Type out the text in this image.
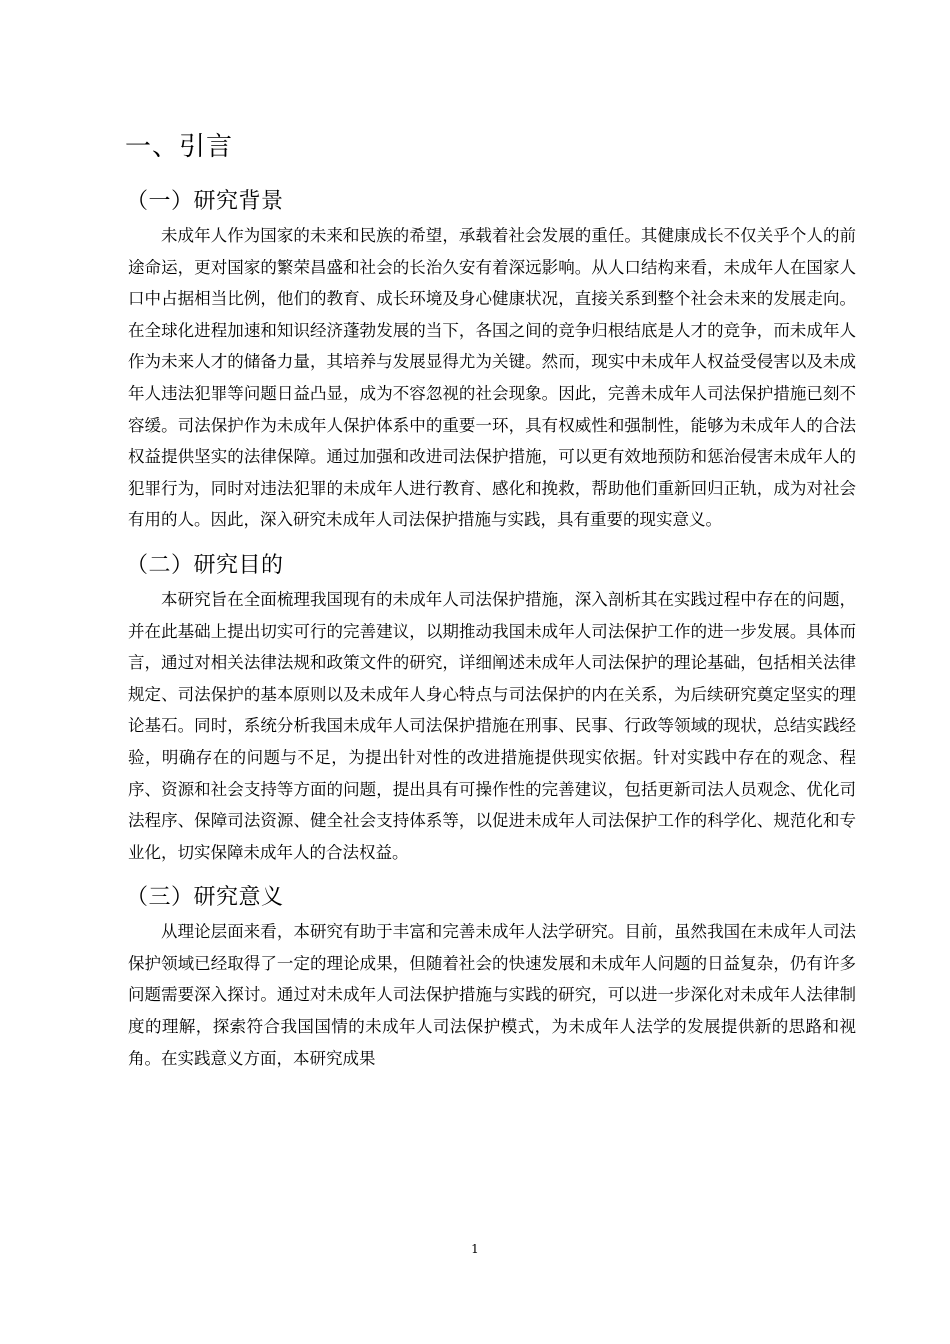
一、引言
（一）研究背景

未成年人作为国家的未来和民族的希望，承载着社会发展的重任。其健康成长不仅关乎个人的前途命运，更对国家的繁荣昌盛和社会的长治久安有着深远影响。从人口结构来看，未成年人在国家人口中占据相当比例，他们的教育、成长环境及身心健康状况，直接关系到整个社会未来的发展走向。在全球化进程加速和知识经济蓬勃发展的当下，各国之间的竞争归根结底是人才的竞争，而未成年人作为未来人才的储备力量，其培养与发展显得尤为关键。然而，现实中未成年人权益受侵害以及未成年人违法犯罪等问题日益凸显，成为不容忽视的社会现象。因此，完善未成年人司法保护措施已刻不容缓。司法保护作为未成年人保护体系中的重要一环，具有权威性和强制性，能够为未成年人的合法权益提供坚实的法律保障。通过加强和改进司法保护措施，可以更有效地预防和惩治侵害未成年人的犯罪行为，同时对违法犯罪的未成年人进行教育、感化和挽救，帮助他们重新回归正轨，成为对社会有用的人。因此，深入研究未成年人司法保护措施与实践，具有重要的现实意义。

（二）研究目的

本研究旨在全面梳理我国现有的未成年人司法保护措施，深入剖析其在实践过程中存在的问题，并在此基础上提出切实可行的完善建议，以期推动我国未成年人司法保护工作的进一步发展。具体而言，通过对相关法律法规和政策文件的研究，详细阐述未成年人司法保护的理论基础，包括相关法律规定、司法保护的基本原则以及未成年人身心特点与司法保护的内在关系，为后续研究奠定坚实的理论基石。同时，系统分析我国未成年人司法保护措施在刑事、民事、行政等领域的现状，总结实践经验，明确存在的问题与不足，为提出针对性的改进措施提供现实依据。针对实践中存在的观念、程序、资源和社会支持等方面的问题，提出具有可操作性的完善建议，包括更新司法人员观念、优化司法程序、保障司法资源、健全社会支持体系等，以促进未成年人司法保护工作的科学化、规范化和专业化，切实保障未成年人的合法权益。

（三）研究意义

从理论层面来看，本研究有助于丰富和完善未成年人法学研究。目前，虽然我国在未成年人司法保护领域已经取得了一定的理论成果，但随着社会的快速发展和未成年人问题的日益复杂，仍有许多问题需要深入探讨。通过对未成年人司法保护措施与实践的研究，可以进一步深化对未成年人法律制度的理解，探索符合我国国情的未成年人司法保护模式，为未成年人法学的发展提供新的思路和视角。在实践意义方面，本研究成果

1
